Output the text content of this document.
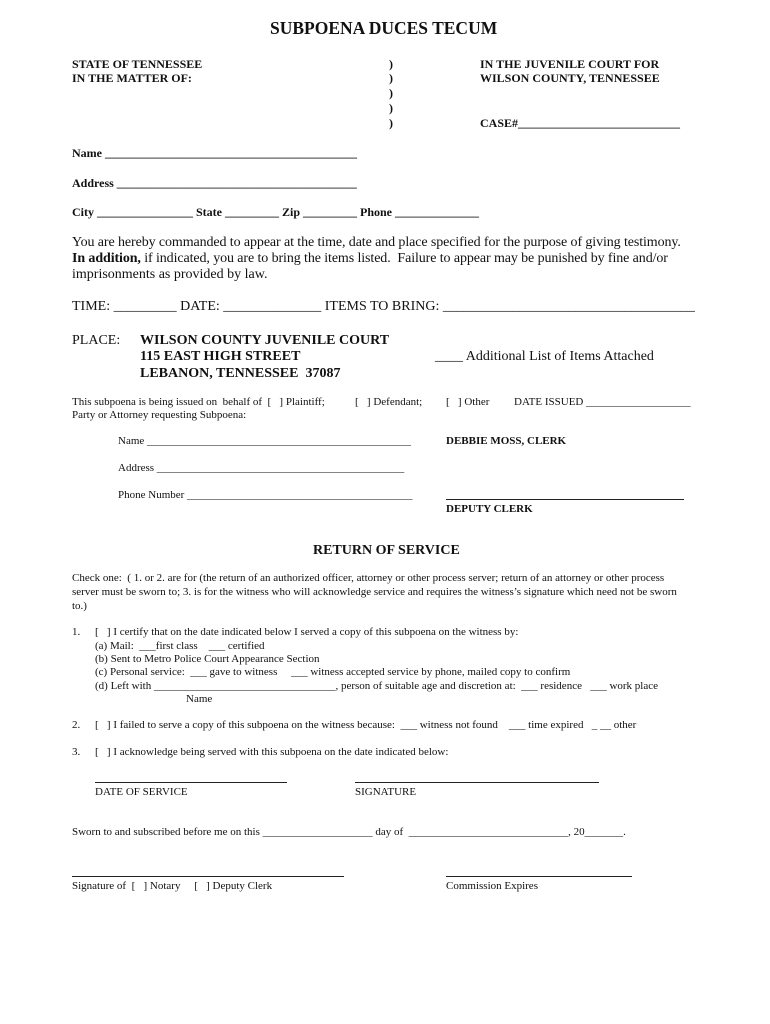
SUBPOENA DUCES TECUM
STATE OF TENNESSEE
IN THE MATTER OF:
)
)
)
)
)
IN THE JUVENILE COURT FOR
WILSON COUNTY, TENNESSEE
CASE#___________________________
Name __________________________________________
Address ________________________________________
City ________________ State _________ Zip _________ Phone ______________
You are hereby commanded to appear at the time, date and place specified for the purpose of giving testimony.
In addition, if indicated, you are to bring the items listed.  Failure to appear may be punished by fine and/or
imprisonments as provided by law.
TIME: _________ DATE: ______________ ITEMS TO BRING: ____________________________________
PLACE: WILSON COUNTY JUVENILE COURT
115 EAST HIGH STREET
LEBANON, TENNESSEE  37087
____ Additional List of Items Attached
This subpoena is being issued on  behalf of  [   ] Plaintiff;	[   ] Defendant; [   ] Other DATE ISSUED ___________________
Party or Attorney requesting Subpoena:
Name ________________________________________________
Address _____________________________________________
Phone Number _________________________________________
DEBBIE MOSS, CLERK
DEPUTY CLERK
RETURN OF SERVICE
Check one:  ( 1. or 2. are for (the return of an authorized officer, attorney or other process server; return of an attorney or other process
server must be sworn to; 3. is for the witness who will acknowledge service and requires the witness’s signature which need not be sworn
to.)
1. [   ] I certify that on the date indicated below I served a copy of this subpoena on the witness by:
(a) Mail:  ___first class    ___ certified
(b) Sent to Metro Police Court Appearance Section
(c) Personal service:  ___ gave to witness     ___ witness accepted service by phone, mailed copy to confirm
(d) Left with _________________________________, person of suitable age and discretion at:  ___ residence   ___ work place
Name
2. [   ] I failed to serve a copy of this subpoena on the witness because:  ___ witness not found    ___ time expired   _ __ other
3. [   ] I acknowledge being served with this subpoena on the date indicated below:
DATE OF SERVICE	SIGNATURE
Sworn to and subscribed before me on this ____________________ day of  _____________________________, 20_______.
Signature of  [   ] Notary     [   ] Deputy Clerk	Commission Expires
